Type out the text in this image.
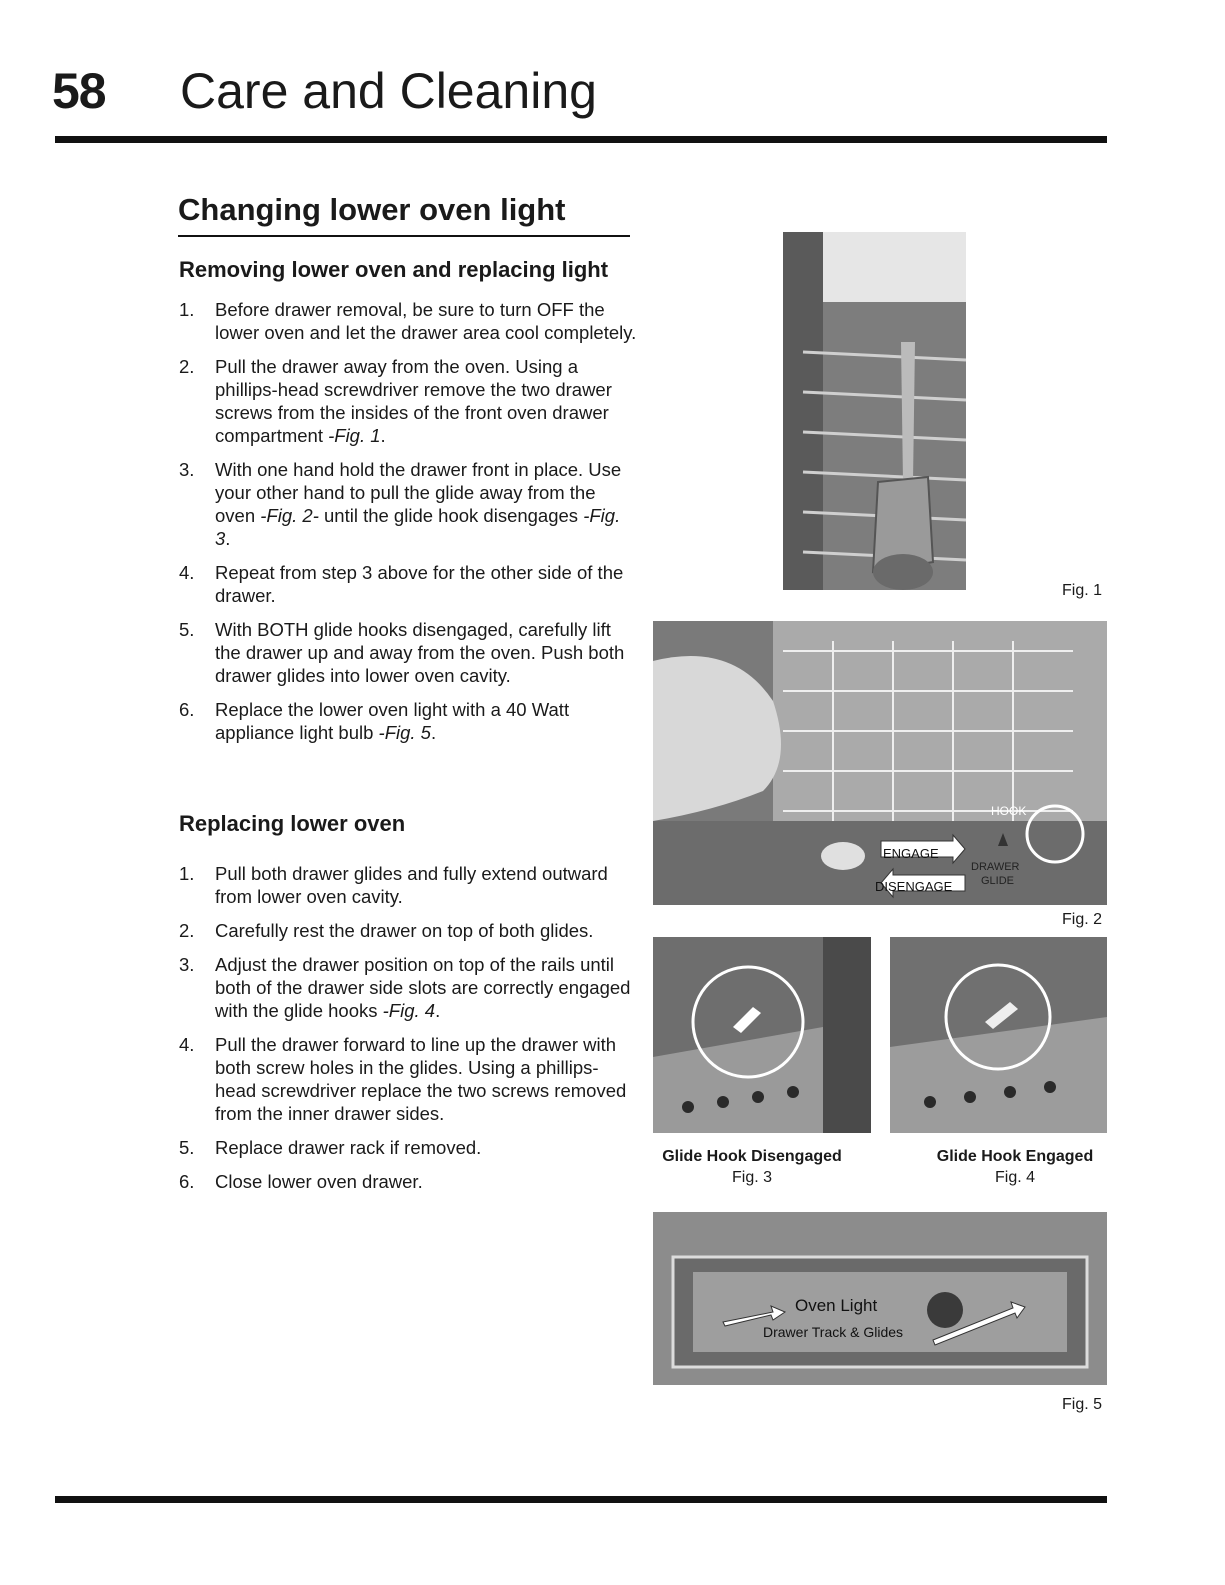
58 Care and Cleaning
Changing lower oven light
Removing lower oven and replacing light
1. Before drawer removal, be sure to turn OFF the lower oven and let the drawer area cool completely.
2. Pull the drawer away from the oven. Using a phillips-head screwdriver remove the two drawer screws from the insides of the front oven drawer compartment -Fig. 1.
3. With one hand hold the drawer front in place. Use your other hand to pull the glide away from the oven -Fig. 2- until the glide hook disengages -Fig. 3.
4. Repeat from step 3 above for the other side of the drawer.
5. With BOTH glide hooks disengaged, carefully lift the drawer up and away from the oven. Push both drawer glides into lower oven cavity.
6. Replace the lower oven light with a 40 Watt appliance light bulb -Fig. 5.
Replacing lower oven
1. Pull both drawer glides and fully extend outward from lower oven cavity.
2. Carefully rest the drawer on top of both glides.
3. Adjust the drawer position on top of the rails until both of the drawer side slots are correctly engaged with the glide hooks -Fig. 4.
4. Pull the drawer forward to line up the drawer with both screw holes in the glides. Using a phillips-head screwdriver replace the two screws removed from the inner drawer sides.
5. Replace drawer rack if removed.
6. Close lower oven drawer.
Fig. 1
HOOK
ENGAGE
DISENGAGE
DRAWER
GLIDE
Fig. 2
Glide Hook Disengaged
Fig. 3
Glide Hook Engaged
Fig. 4
Oven Light
Drawer Track & Glides
Fig. 5
